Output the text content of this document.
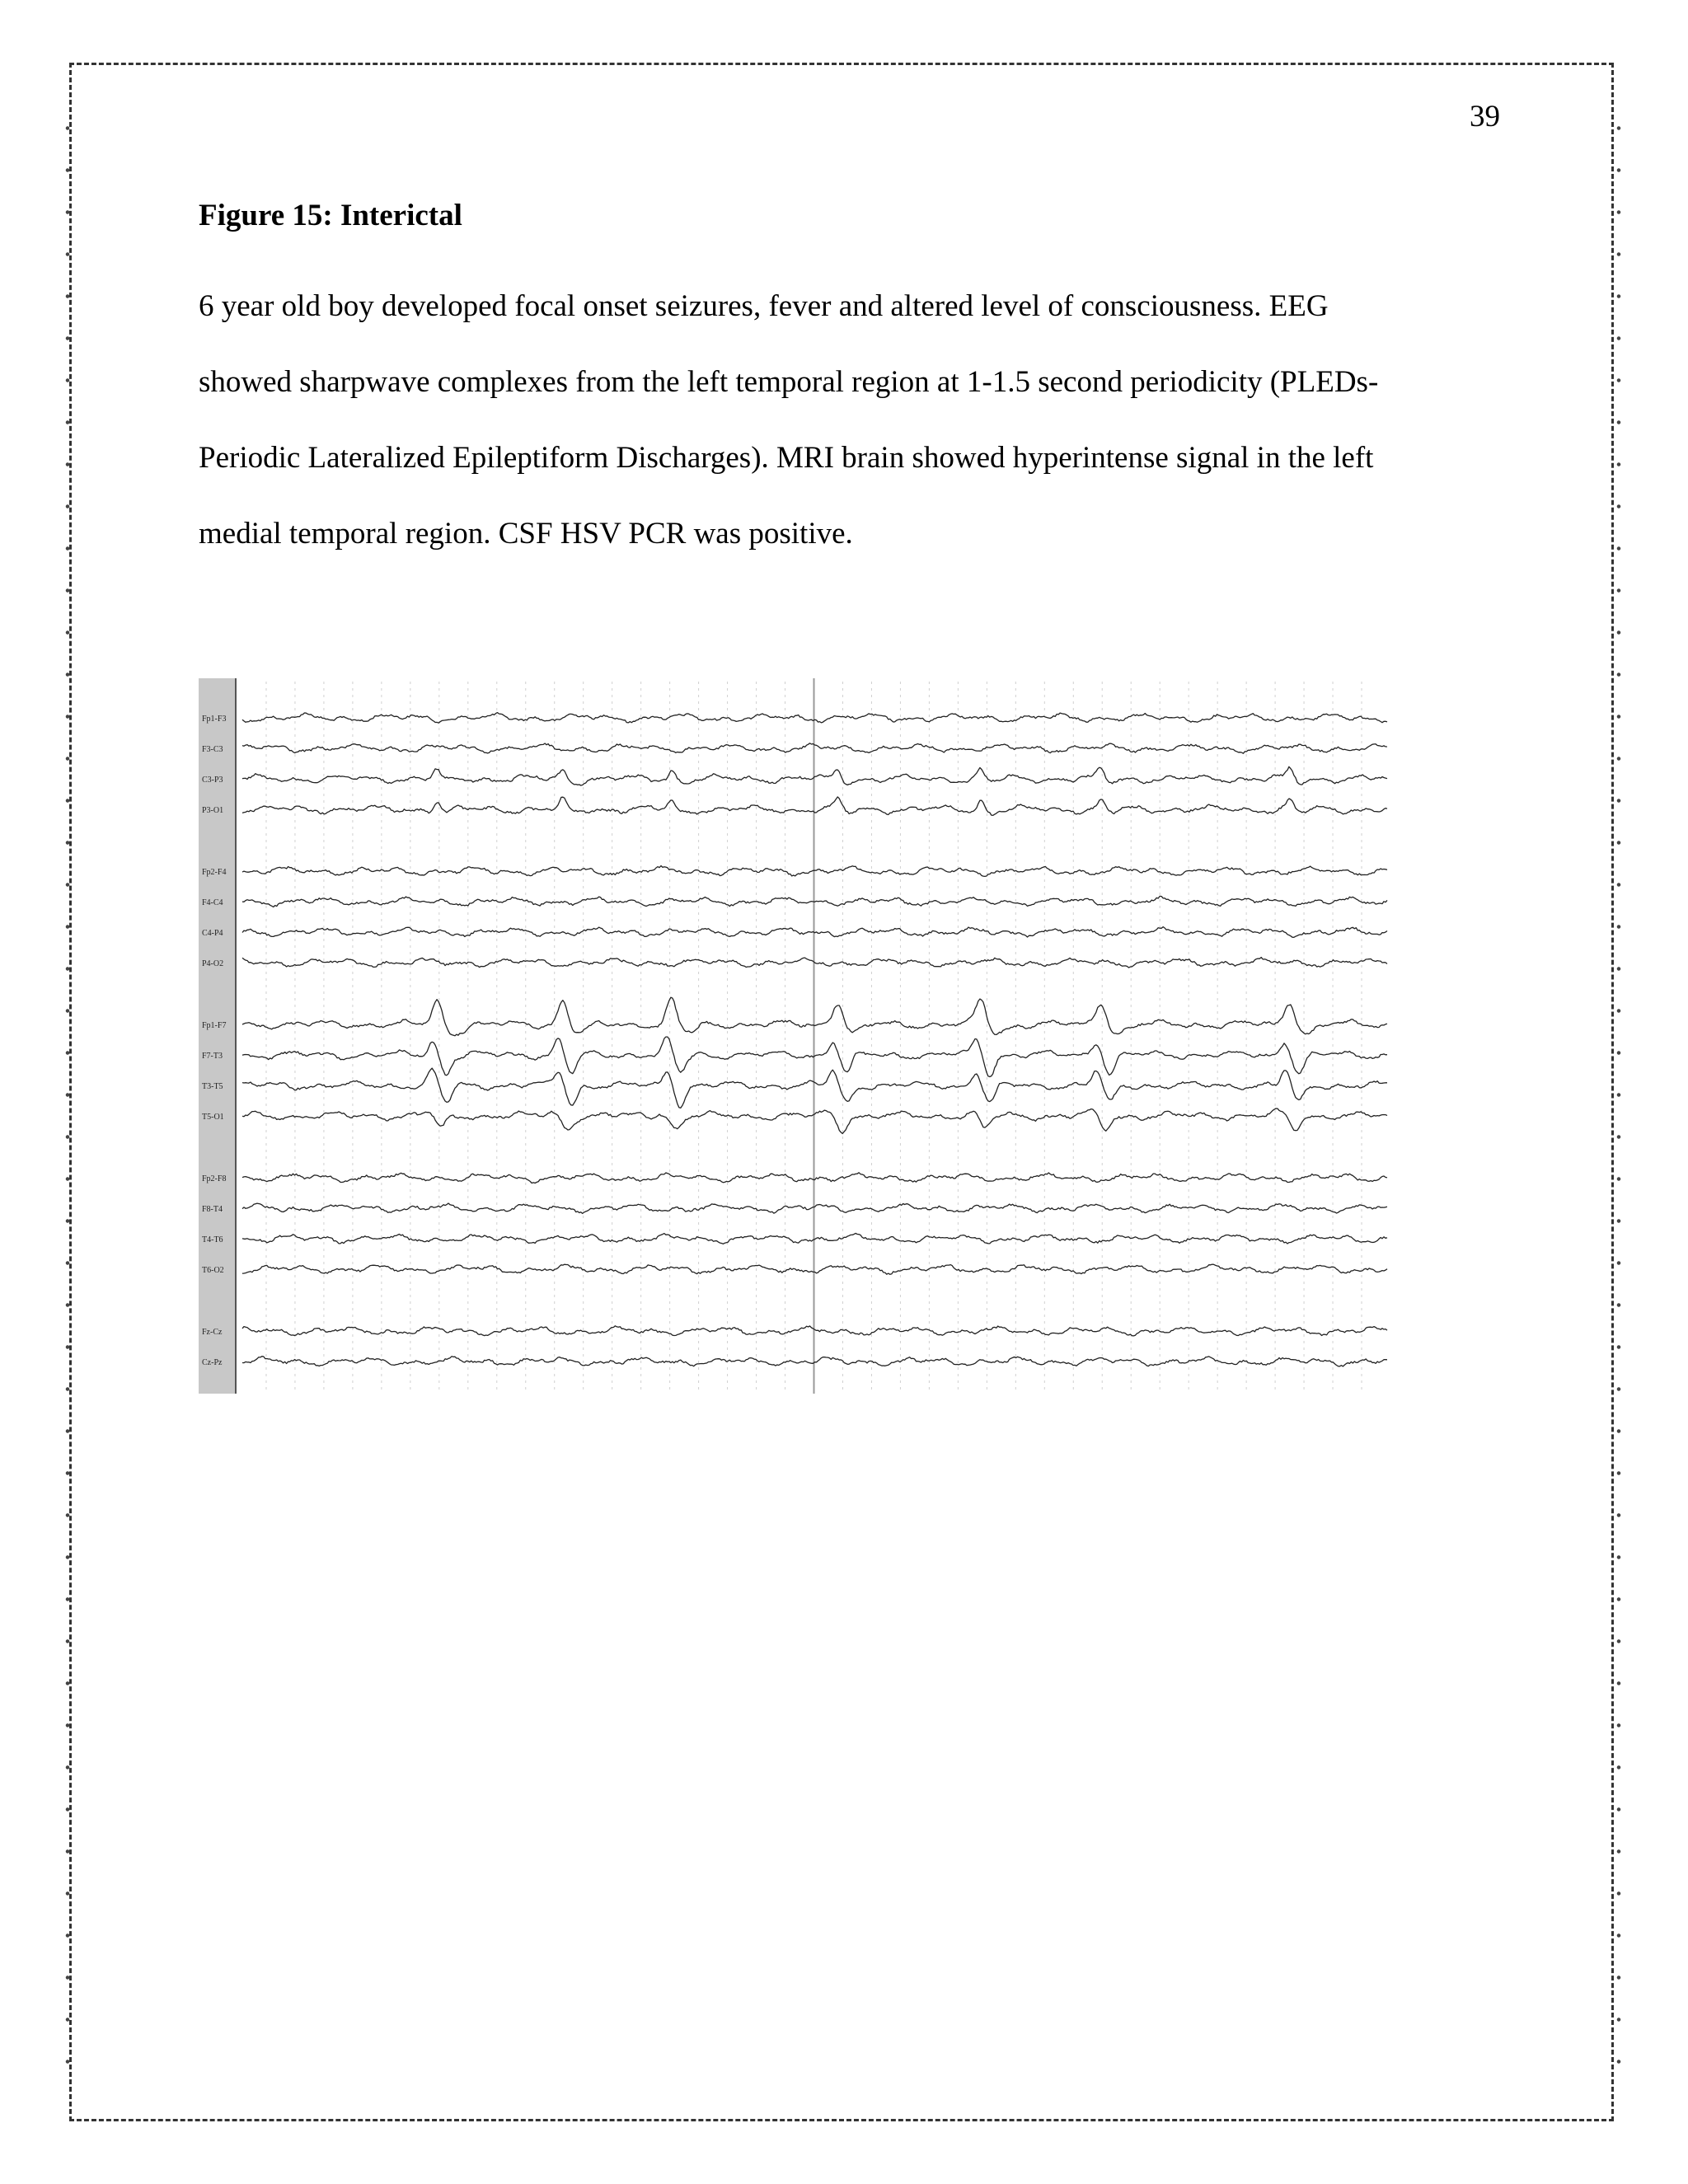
39
Figure 15: Interictal

6 year old boy developed focal onset seizures, fever and altered level of consciousness. EEG
showed sharpwave complexes from the left temporal region at 1-1.5 second periodicity (PLEDs-
Periodic Lateralized Epileptiform Discharges). MRI brain showed hyperintense signal in the left
medial temporal region. CSF HSV PCR was positive.

Fp1-F3
F3-C3
C3-P3
P3-O1
Fp2-F4
F4-C4
C4-P4
P4-O2
Fp1-F7
F7-T3
T3-T5
T5-O1
Fp2-F8
F8-T4
T4-T6
T6-O2
Fz-Cz
Cz-Pz
